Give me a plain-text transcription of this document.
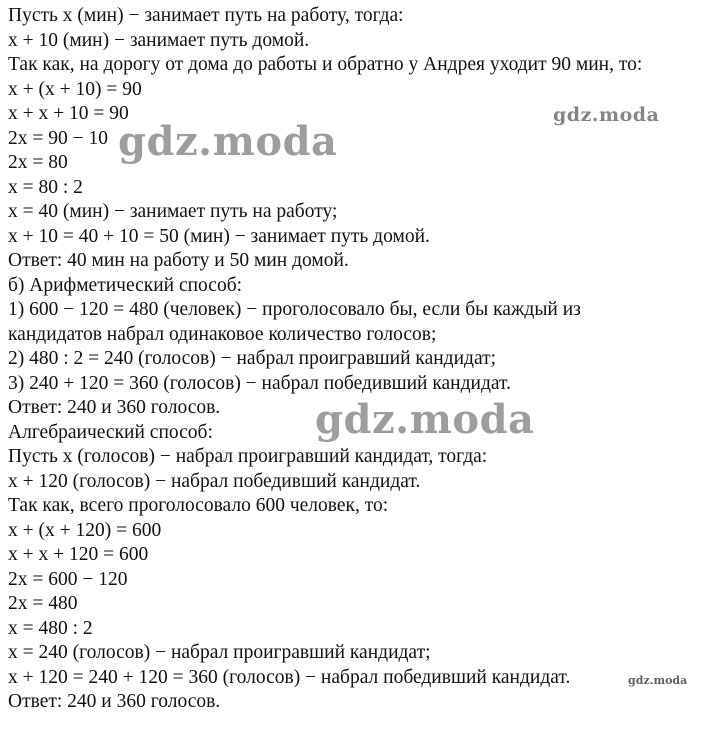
Пусть x (мин) − занимает путь на работу, тогда:
x + 10 (мин) − занимает путь домой.
Так как, на дорогу от дома до работы и обратно у Андрея уходит 90 мин, то:
x + (x + 10) = 90
x + x + 10 = 90
2x = 90 − 10
2x = 80
x = 80 : 2
x = 40 (мин) − занимает путь на работу;
x + 10 = 40 + 10 = 50 (мин) − занимает путь домой.
Ответ: 40 мин на работу и 50 мин домой.
б) Арифметический способ:
1) 600 − 120 = 480 (человек) − проголосовало бы, если бы каждый из
кандидатов набрал одинаковое количество голосов;
2) 480 : 2 = 240 (голосов) − набрал проигравший кандидат;
3) 240 + 120 = 360 (голосов) − набрал победивший кандидат.
Ответ: 240 и 360 голосов.
Алгебраический способ:
Пусть x (голосов) − набрал проигравший кандидат, тогда:
x + 120 (голосов) − набрал победивший кандидат.
Так как, всего проголосовало 600 человек, то:
x + (x + 120) = 600
x + x + 120 = 600
2x = 600 − 120
2x = 480
x = 480 : 2
x = 240 (голосов) − набрал проигравший кандидат;
x + 120 = 240 + 120 = 360 (голосов) − набрал победивший кандидат.
Ответ: 240 и 360 голосов.
gdz.moda
gdz.moda
gdz.moda
gdz.moda
